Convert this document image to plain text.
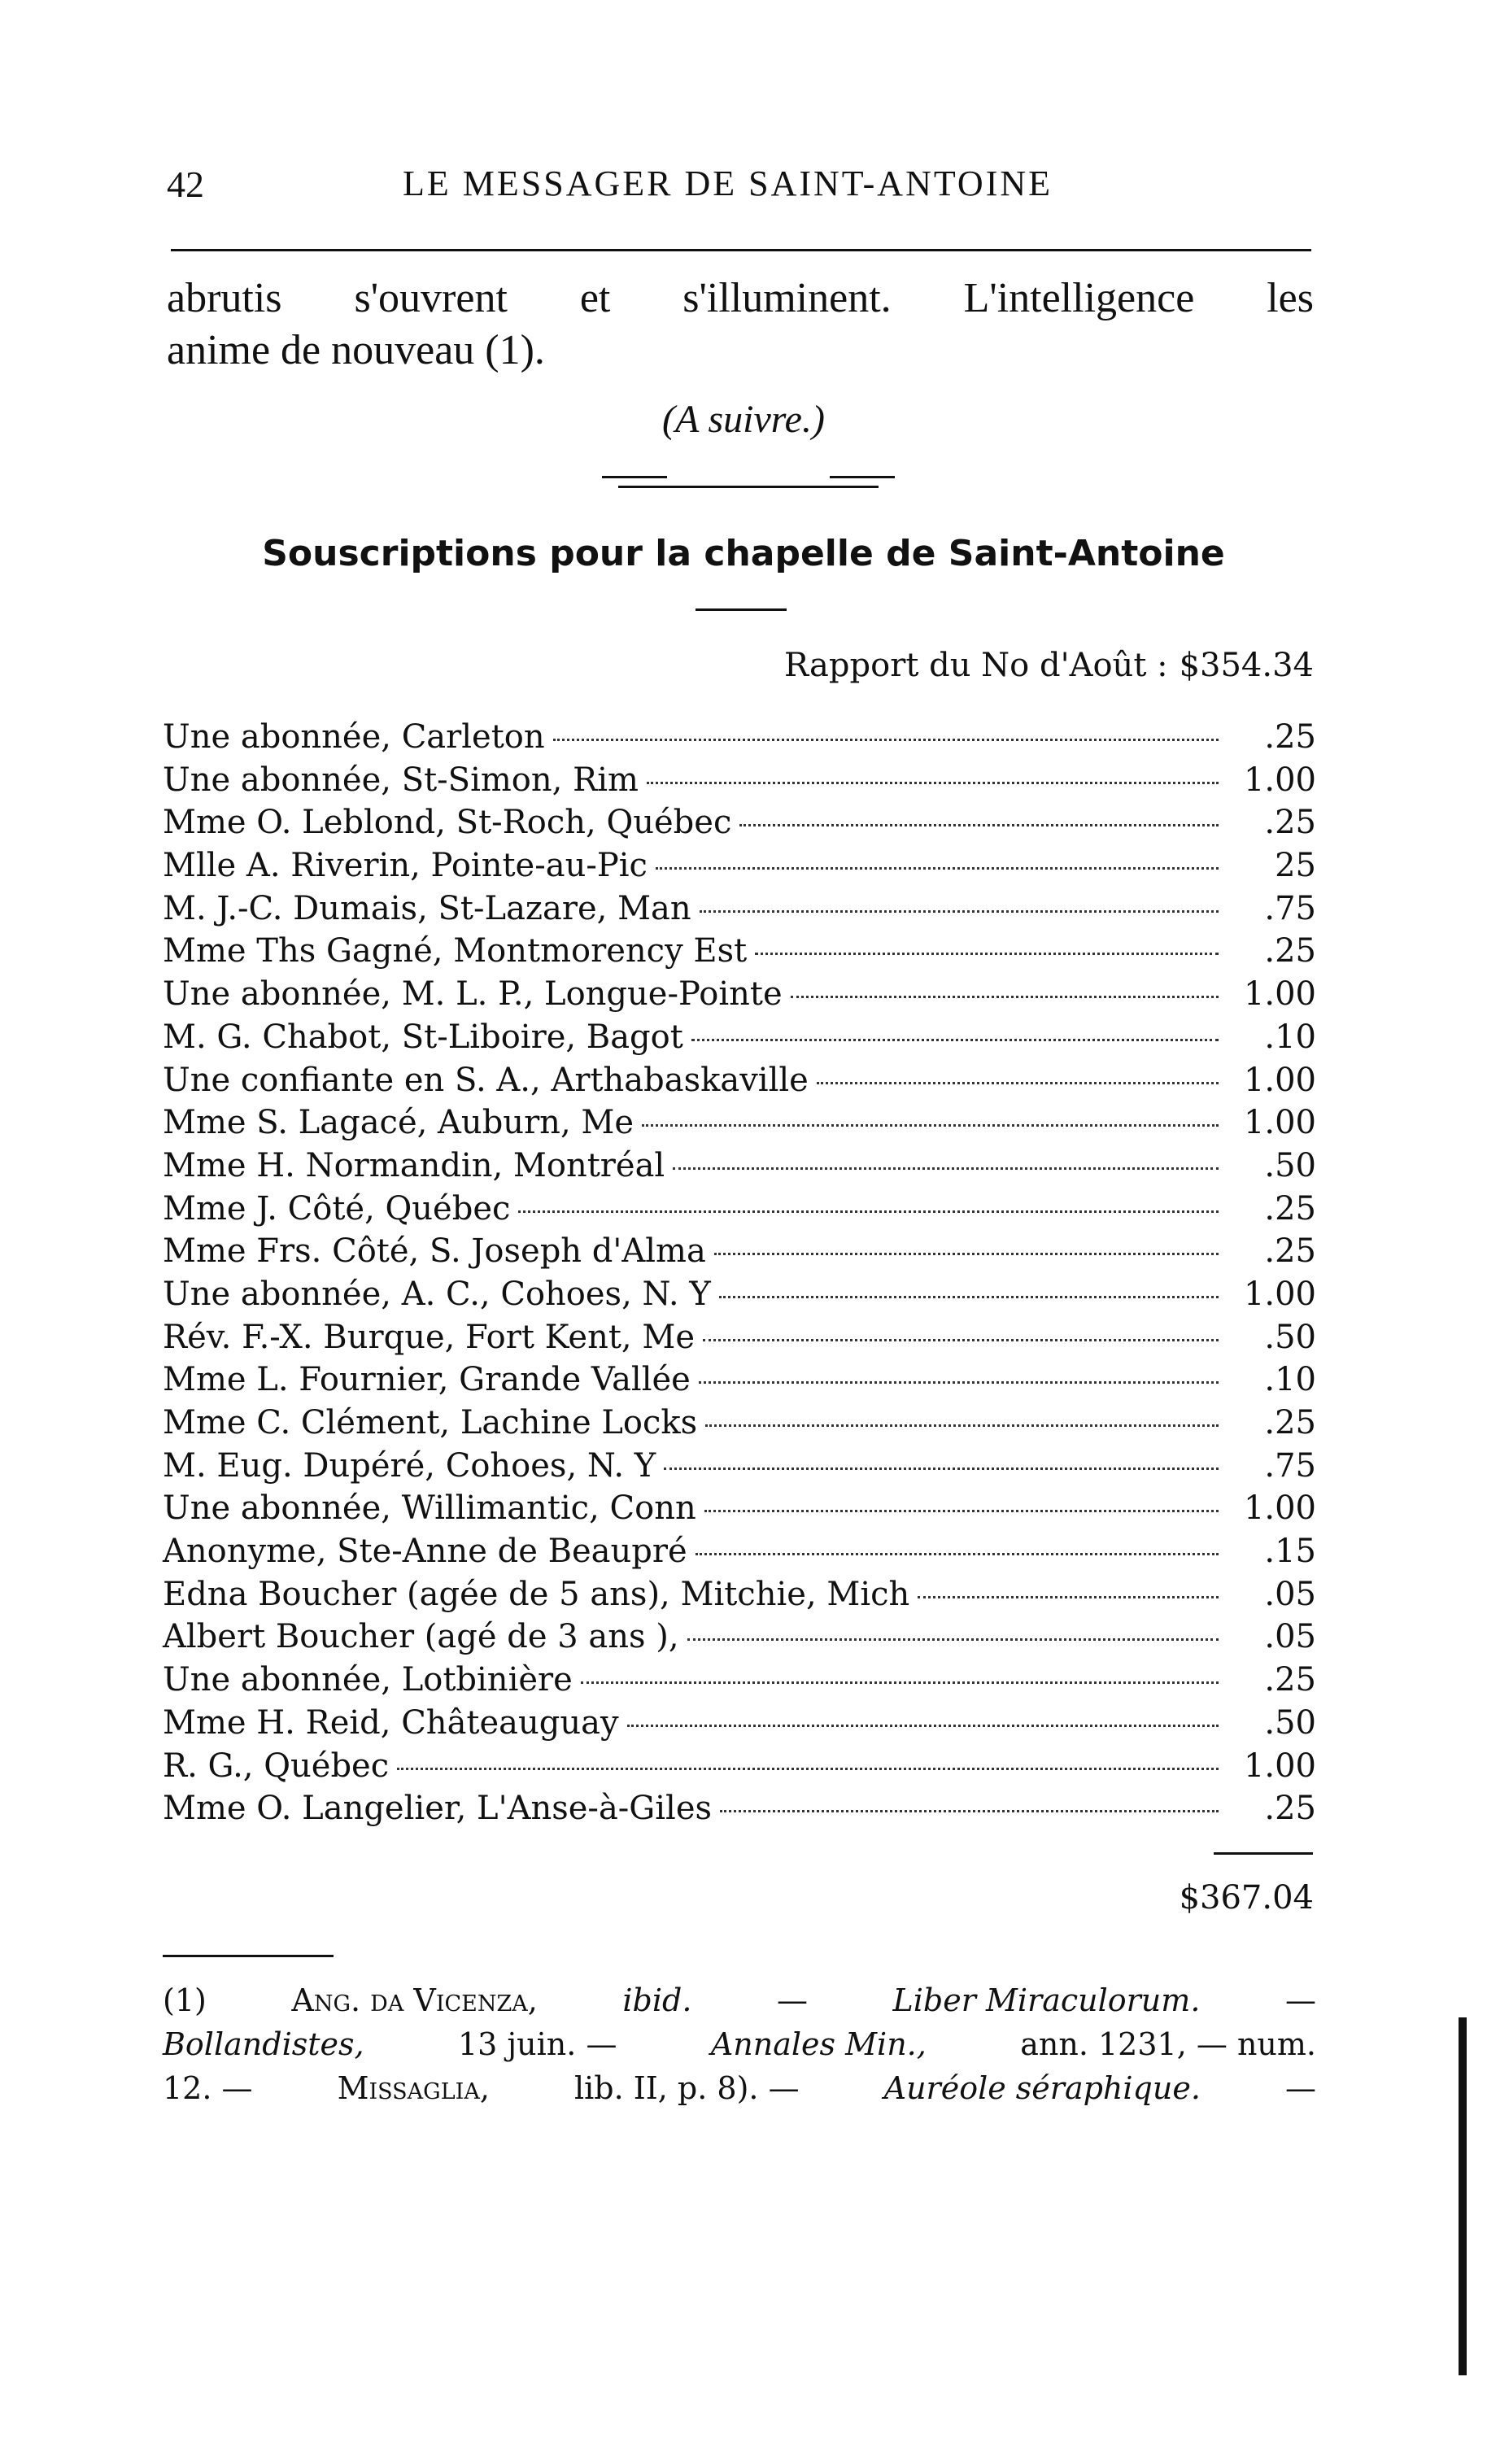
42	LE MESSAGER DE SAINT-ANTOINE
abrutis s'ouvrent et s'illuminent. L'intelligence les
anime de nouveau (1).
(A suivre.)
Souscriptions pour la chapelle de Saint-Antoine
Rapport du No d'Août : $354.34
Une abonnée, Carleton	.25
Une abonnée, St-Simon, Rim	1.00
Mme O. Leblond, St-Roch, Québec	.25
Mlle A. Riverin, Pointe-au-Pic	25
M. J.-C. Dumais, St-Lazare, Man	.75
Mme Ths Gagné, Montmorency Est	.25
Une abonnée, M. L. P., Longue-Pointe	1.00
M. G. Chabot, St-Liboire, Bagot	.10
Une confiante en S. A., Arthabaskaville	1.00
Mme S. Lagacé, Auburn, Me	1.00
Mme H. Normandin, Montréal	.50
Mme J. Côté, Québec	.25
Mme Frs. Côté, S. Joseph d'Alma	.25
Une abonnée, A. C., Cohoes, N. Y	1.00
Rév. F.-X. Burque, Fort Kent, Me	.50
Mme L. Fournier, Grande Vallée	.10
Mme C. Clément, Lachine Locks	.25
M. Eug. Dupéré, Cohoes, N. Y	.75
Une abonnée, Willimantic, Conn	1.00
Anonyme, Ste-Anne de Beaupré	.15
Edna Boucher (agée de 5 ans), Mitchie, Mich	.05
Albert Boucher (agé de 3 ans ),	.05
Une abonnée, Lotbinière	.25
Mme H. Reid, Châteauguay	.50
R. G., Québec	1.00
Mme O. Langelier, L'Anse-à-Giles	.25
$367.04
(1)	Ang. da Vicenza,	ibid.	—	Liber Miraculorum.	—
Bollandistes,	13 juin. —	Annales Min.,	ann. 1231, — num.
12. —	Missaglia,	lib. II, p. 8). —	Auréole séraphique.	—
